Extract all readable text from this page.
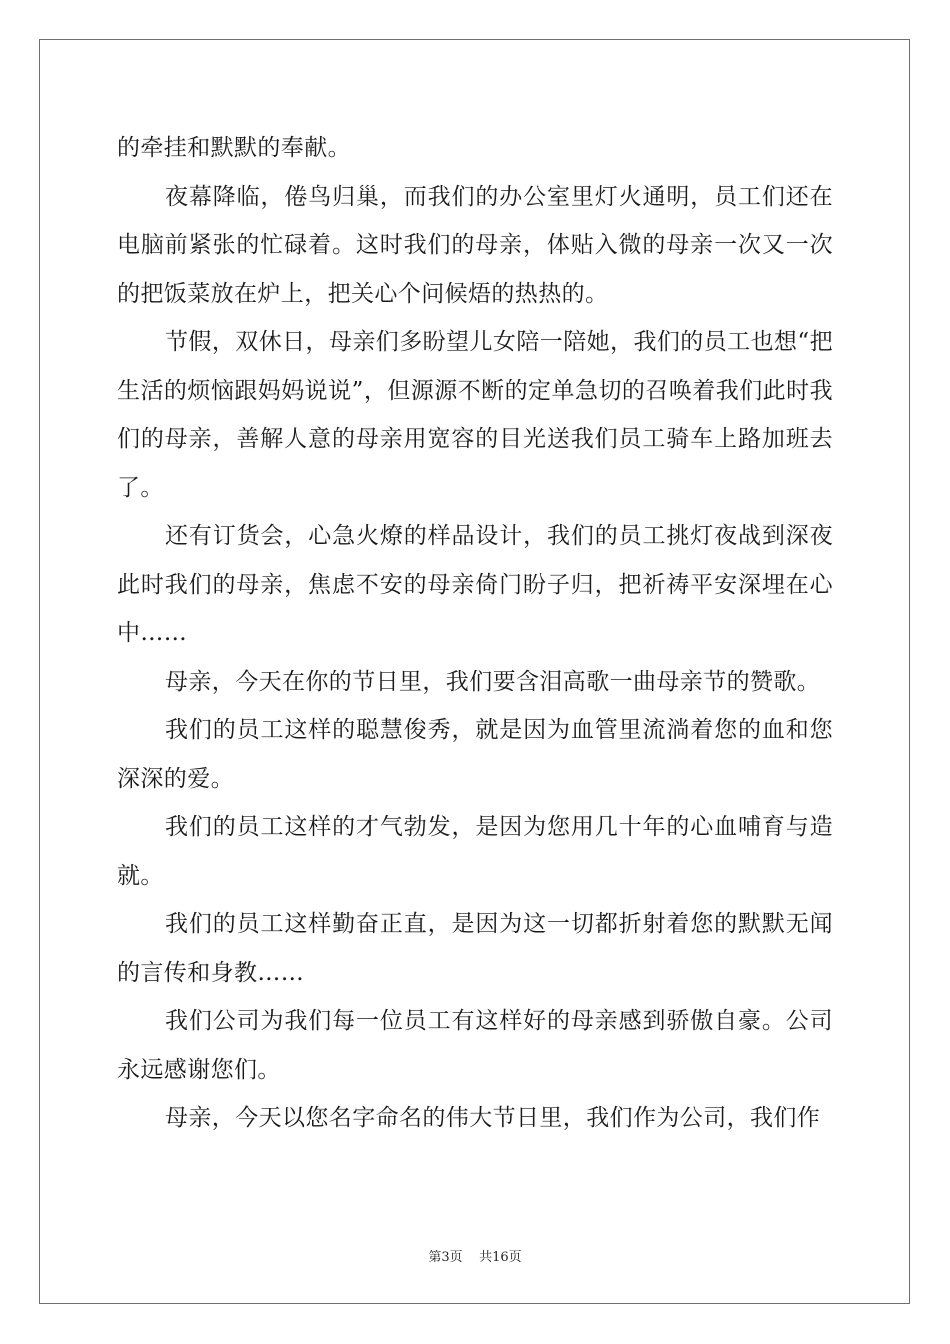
的牵挂和默默的奉献。

夜幕降临，倦鸟归巢，而我们的办公室里灯火通明，员工们还在电脑前紧张的忙碌着。这时我们的母亲，体贴入微的母亲一次又一次的把饭菜放在炉上，把关心个问候焐的热热的。

节假，双休日，母亲们多盼望儿女陪一陪她，我们的员工也想“把生活的烦恼跟妈妈说说”，但源源不断的定单急切的召唤着我们此时我们的母亲，善解人意的母亲用宽容的目光送我们员工骑车上路加班去了。

还有订货会，心急火燎的样品设计，我们的员工挑灯夜战到深夜此时我们的母亲，焦虑不安的母亲倚门盼子归，把祈祷平安深埋在心中……

母亲，今天在你的节日里，我们要含泪高歌一曲母亲节的赞歌。

我们的员工这样的聪慧俊秀，就是因为血管里流淌着您的血和您深深的爱。

我们的员工这样的才气勃发，是因为您用几十年的心血哺育与造就。

我们的员工这样勤奋正直，是因为这一切都折射着您的默默无闻的言传和身教……

我们公司为我们每一位员工有这样好的母亲感到骄傲自豪。公司永远感谢您们。

母亲，今天以您名字命名的伟大节日里，我们作为公司，我们作

第3页    共16页
